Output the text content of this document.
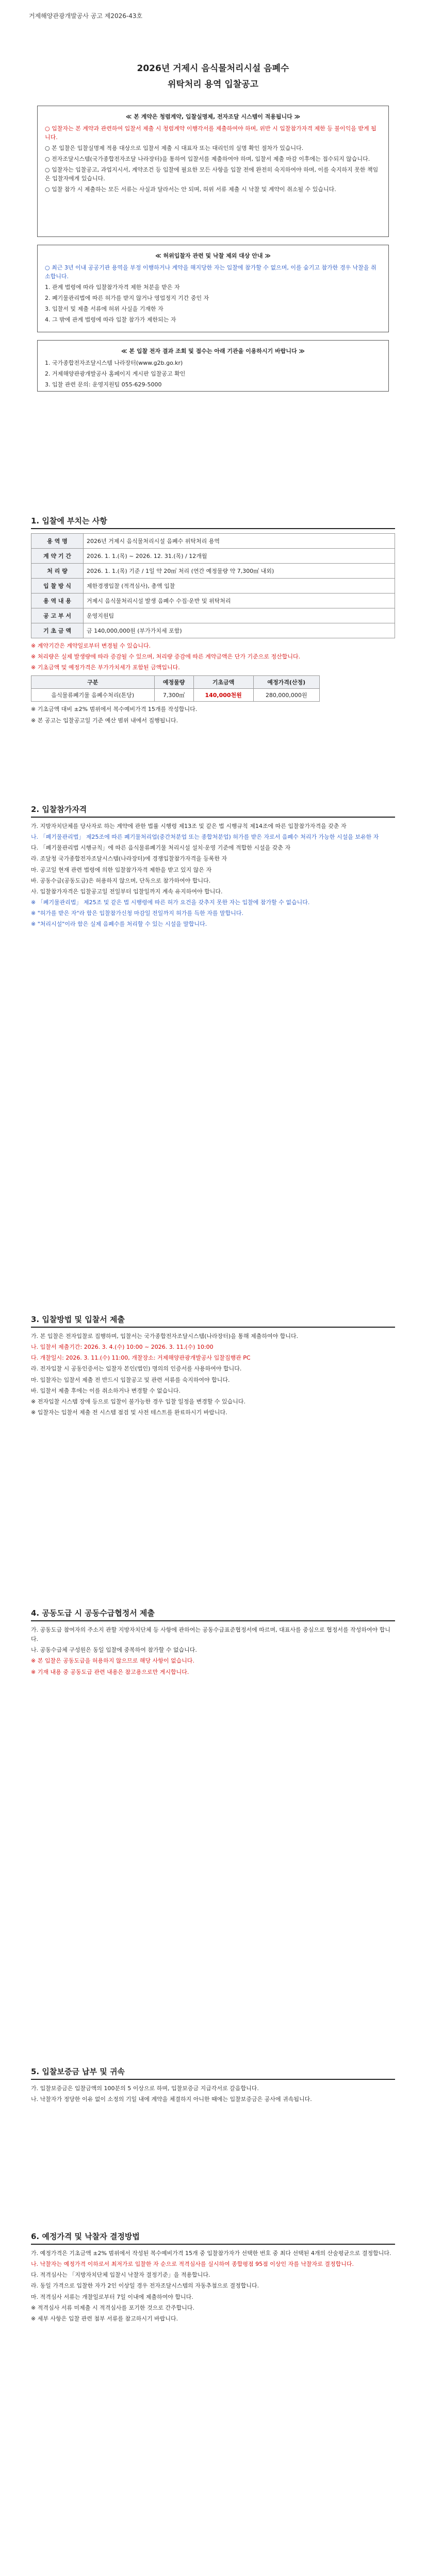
거제해양관광개발공사 공고 제2026-43호
2026년 거제시 음식물처리시설 음폐수
위탁처리 용역 입찰공고
≪ 본 계약은 청렴계약, 입찰실명제, 전자조달 시스템이 적용됩니다 ≫

○ 입찰자는 본 계약과 관련하여 입찰서 제출 시 청렴계약 이행각서를 제출하여야 하며, 위반 시 입찰참가자격 제한 등 불이익을 받게 됩니다.

○ 본 입찰은 입찰실명제 적용 대상으로 입찰서 제출 시 대표자 또는 대리인의 실명 확인 절차가 있습니다.

○ 전자조달시스템(국가종합전자조달 나라장터)을 통하여 입찰서를 제출하여야 하며, 입찰서 제출 마감 이후에는 접수되지 않습니다.

○ 입찰자는 입찰공고, 과업지시서, 계약조건 등 입찰에 필요한 모든 사항을 입찰 전에 완전히 숙지하여야 하며, 이를 숙지하지 못한 책임은 입찰자에게 있습니다.

○ 입찰 참가 시 제출하는 모든 서류는 사실과 달라서는 안 되며, 허위 서류 제출 시 낙찰 및 계약이 취소될 수 있습니다.

≪ 허위입찰자 관련 및 낙찰 제외 대상 안내 ≫

○ 최근 3년 이내 공공기관 용역을 부정 이행하거나 계약을 해지당한 자는 입찰에 참가할 수 없으며, 이를 숨기고 참가한 경우 낙찰을 취소합니다.

1. 관계 법령에 따라 입찰참가자격 제한 처분을 받은 자

2. 폐기물관리법에 따른 허가를 받지 않거나 영업정지 기간 중인 자

3. 입찰서 및 제출 서류에 허위 사실을 기재한 자

4. 그 밖에 관계 법령에 따라 입찰 참가가 제한되는 자

≪ 본 입찰 전자 결과 조회 및 접수는 아래 기관을 이용하시기 바랍니다 ≫

1. 국가종합전자조달시스템 나라장터(www.g2b.go.kr)

2. 거제해양관광개발공사 홈페이지 게시판 입찰공고 확인

3. 입찰 관련 문의: 운영지원팀 055-629-5000

1. 입찰에 부치는 사항
용 역 명	2026년 거제시 음식물처리시설 음폐수 위탁처리 용역
계 약 기 간	2026. 1. 1.(목) ~ 2026. 12. 31.(목) / 12개월
처 리 량	2026. 1. 1.(목) 기준 / 1일 약 20㎥ 처리 (연간 예정물량 약 7,300㎥ 내외)
입 찰 방 식	제한경쟁입찰 (적격심사), 총액 입찰
용 역 내 용	거제시 음식물처리시설 발생 음폐수 수집·운반 및 위탁처리
공 고 부 서	운영지원팀
기 초 금 액	금 140,000,000원 (부가가치세 포함)

※ 계약기간은 계약일로부터 변경될 수 있습니다.

※ 처리량은 실제 발생량에 따라 증감될 수 있으며, 처리량 증감에 따른 계약금액은 단가 기준으로 정산합니다.

※ 기초금액 및 예정가격은 부가가치세가 포함된 금액입니다.

구분	예정물량	기초금액	예정가격(산정)
음식물류폐기물 음폐수처리(톤당)	7,300㎥	140,000천원	280,000,000원

※ 기초금액 대비 ±2% 범위에서 복수예비가격 15개를 작성합니다.

※ 본 공고는 입찰공고일 기준 예산 범위 내에서 집행됩니다.

2. 입찰참가자격

가. 지방자치단체를 당사자로 하는 계약에 관한 법률 시행령 제13조 및 같은 법 시행규칙 제14조에 따른 입찰참가자격을 갖춘 자

나. 「폐기물관리법」 제25조에 따른 폐기물처리업(중간처분업 또는 종합처분업) 허가를 받은 자로서 음폐수 처리가 가능한 시설을 보유한 자

다. 「폐기물관리법 시행규칙」에 따른 음식물류폐기물 처리시설 설치·운영 기준에 적합한 시설을 갖춘 자

라. 조달청 국가종합전자조달시스템(나라장터)에 경쟁입찰참가자격을 등록한 자

마. 공고일 현재 관련 법령에 의한 입찰참가자격 제한을 받고 있지 않은 자

바. 공동수급(공동도급)은 허용하지 않으며, 단독으로 참가하여야 합니다.

사. 입찰참가자격은 입찰공고일 전일부터 입찰일까지 계속 유지하여야 합니다.

※ 「폐기물관리법」 제25조 및 같은 법 시행령에 따른 허가 요건을 갖추지 못한 자는 입찰에 참가할 수 없습니다.

※ "허가를 받은 자"라 함은 입찰참가신청 마감일 전일까지 허가를 득한 자를 말합니다.

※ "처리시설"이라 함은 실제 음폐수를 처리할 수 있는 시설을 말합니다.

3. 입찰방법 및 입찰서 제출

가. 본 입찰은 전자입찰로 집행하며, 입찰서는 국가종합전자조달시스템(나라장터)을 통해 제출하여야 합니다.

나. 입찰서 제출기간: 2026. 3. 4.(수) 10:00 ~ 2026. 3. 11.(수) 10:00

다. 개찰일시: 2026. 3. 11.(수) 11:00, 개찰장소: 거제해양관광개발공사 입찰집행관 PC

라. 전자입찰 시 공동인증서는 입찰자 본인(법인) 명의의 인증서를 사용하여야 합니다.

마. 입찰자는 입찰서 제출 전 반드시 입찰공고 및 관련 서류를 숙지하여야 합니다.

바. 입찰서 제출 후에는 이를 취소하거나 변경할 수 없습니다.

※ 전자입찰 시스템 장애 등으로 입찰이 불가능한 경우 입찰 일정을 변경할 수 있습니다.

※ 입찰자는 입찰서 제출 전 시스템 점검 및 사전 테스트를 완료하시기 바랍니다.

4. 공동도급 시 공동수급협정서 제출

가. 공동도급 참여자의 주소지 관할 지방자치단체 등 사항에 관하여는 공동수급표준협정서에 따르며, 대표사를 중심으로 협정서를 작성하여야 합니다.

나. 공동수급체 구성원은 동일 입찰에 중복하여 참가할 수 없습니다.

※ 본 입찰은 공동도급을 허용하지 않으므로 해당 사항이 없습니다.

※ 기재 내용 중 공동도급 관련 내용은 참고용으로만 게시합니다.

5. 입찰보증금 납부 및 귀속

가. 입찰보증금은 입찰금액의 100분의 5 이상으로 하며, 입찰보증금 지급각서로 갈음합니다.

나. 낙찰자가 정당한 이유 없이 소정의 기일 내에 계약을 체결하지 아니한 때에는 입찰보증금은 공사에 귀속됩니다.

6. 예정가격 및 낙찰자 결정방법

가. 예정가격은 기초금액 ±2% 범위에서 작성된 복수예비가격 15개 중 입찰참가자가 선택한 번호 중 최다 선택된 4개의 산술평균으로 결정합니다.

나. 낙찰자는 예정가격 이하로서 최저가로 입찰한 자 순으로 적격심사를 실시하여 종합평점 95점 이상인 자를 낙찰자로 결정합니다.

다. 적격심사는 「지방자치단체 입찰시 낙찰자 결정기준」을 적용합니다.

라. 동일 가격으로 입찰한 자가 2인 이상일 경우 전자조달시스템의 자동추첨으로 결정합니다.

마. 적격심사 서류는 개찰일로부터 7일 이내에 제출하여야 합니다.

※ 적격심사 서류 미제출 시 적격심사를 포기한 것으로 간주합니다.

※ 세부 사항은 입찰 관련 첨부 서류를 참고하시기 바랍니다.
